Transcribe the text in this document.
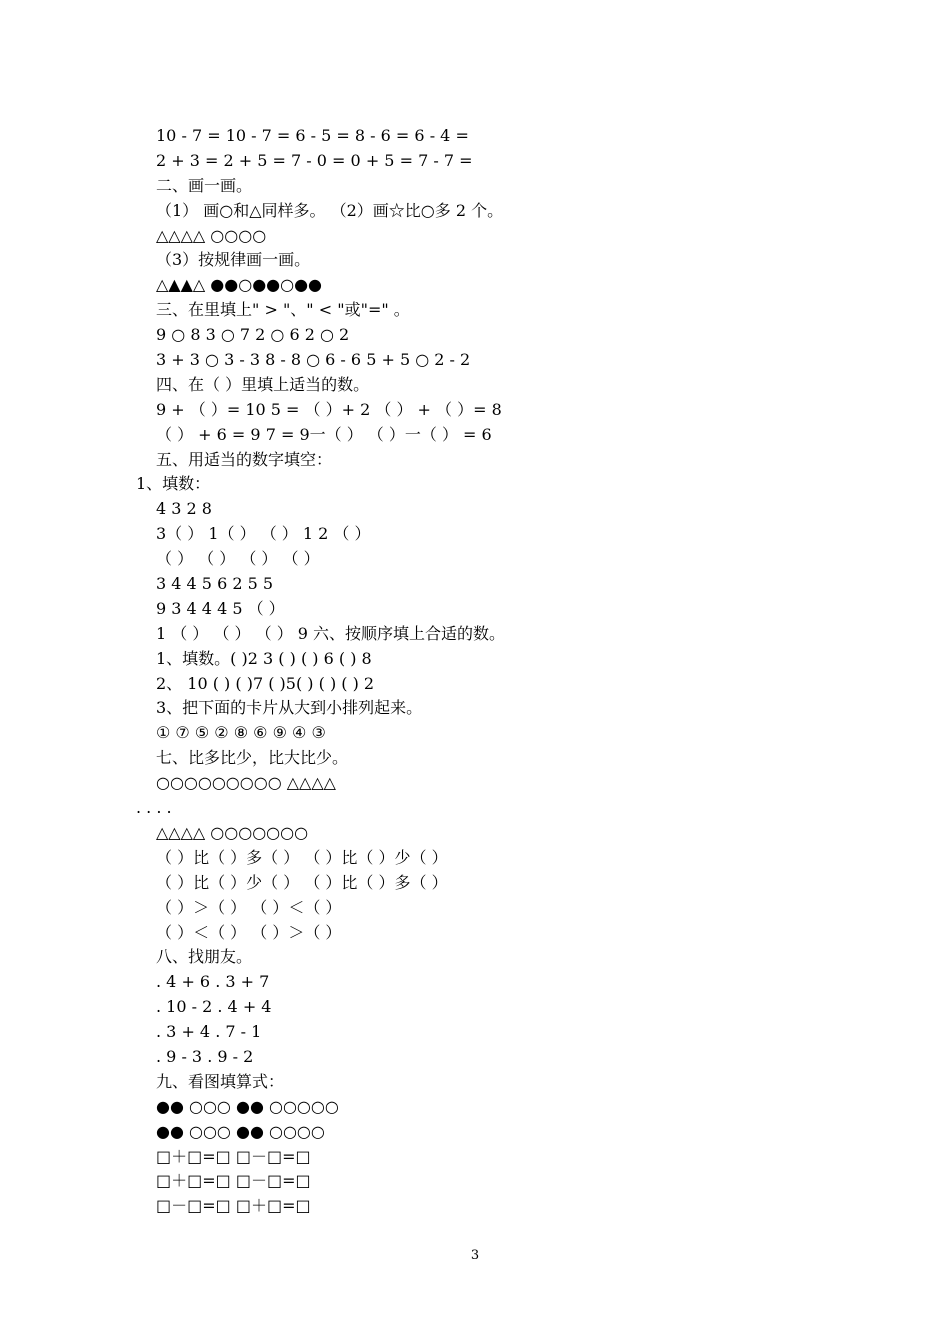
10 - 7 = 10 - 7 = 6 - 5 = 8 - 6 = 6 - 4 =
2 + 3 = 2 + 5 = 7 - 0 = 0 + 5 = 7 - 7 =
二、画一画。
（1） 画○和△同样多。 （2）画☆比○多 2 个。
△△△△ ○○○○
（3）按规律画一画。
△▲▲△ ●●○●●○●●
三、在里填上" > "、" < "或"=" 。
9 ○ 8 3 ○ 7 2 ○ 6 2 ○ 2
3 + 3 ○ 3 - 3 8 - 8 ○ 6 - 6 5 + 5 ○ 2 - 2
四、在（ ）里填上适当的数。
9 + （ ）= 10 5 = （ ）+ 2 （ ） + （ ）= 8
（ ） + 6 = 9 7 = 9一（ ） （ ）一（ ） = 6
五、用适当的数字填空：
1、填数：
4 3 2 8
3（ ） 1（ ） （ ） 1 2 （ ）
（ ） （ ） （ ） （ ）
3 4 4 5 6 2 5 5
9 3 4 4 4 5 （ ）
1 （ ） （ ） （ ） 9 六、按顺序填上合适的数。
1、填数。( )2 3 ( ) ( ) 6 ( ) 8
2、 10 ( ) ( )7 ( )5( ) ( ) ( ) 2
3、把下面的卡片从大到小排列起来。
① ⑦ ⑤ ② ⑧ ⑥ ⑨ ④ ③
七、比多比少，比大比少。
○○○○○○○○○ △△△△
. . . .
△△△△ ○○○○○○○
（ ）比（ ）多（ ） （ ）比（ ）少（ ）
（ ）比（ ）少（ ） （ ）比（ ）多（ ）
（ ）＞（ ） （ ）＜（ ）
（ ）＜（ ） （ ）＞（ ）
八、找朋友。
. 4 + 6 . 3 + 7
. 10 - 2 . 4 + 4
. 3 + 4 . 7 - 1
. 9 - 3 . 9 - 2
九、看图填算式：
●● ○○○ ●● ○○○○○
●● ○○○ ●● ○○○○
□＋□=□ □－□=□
□＋□=□ □－□=□
□－□=□ □＋□=□
3
